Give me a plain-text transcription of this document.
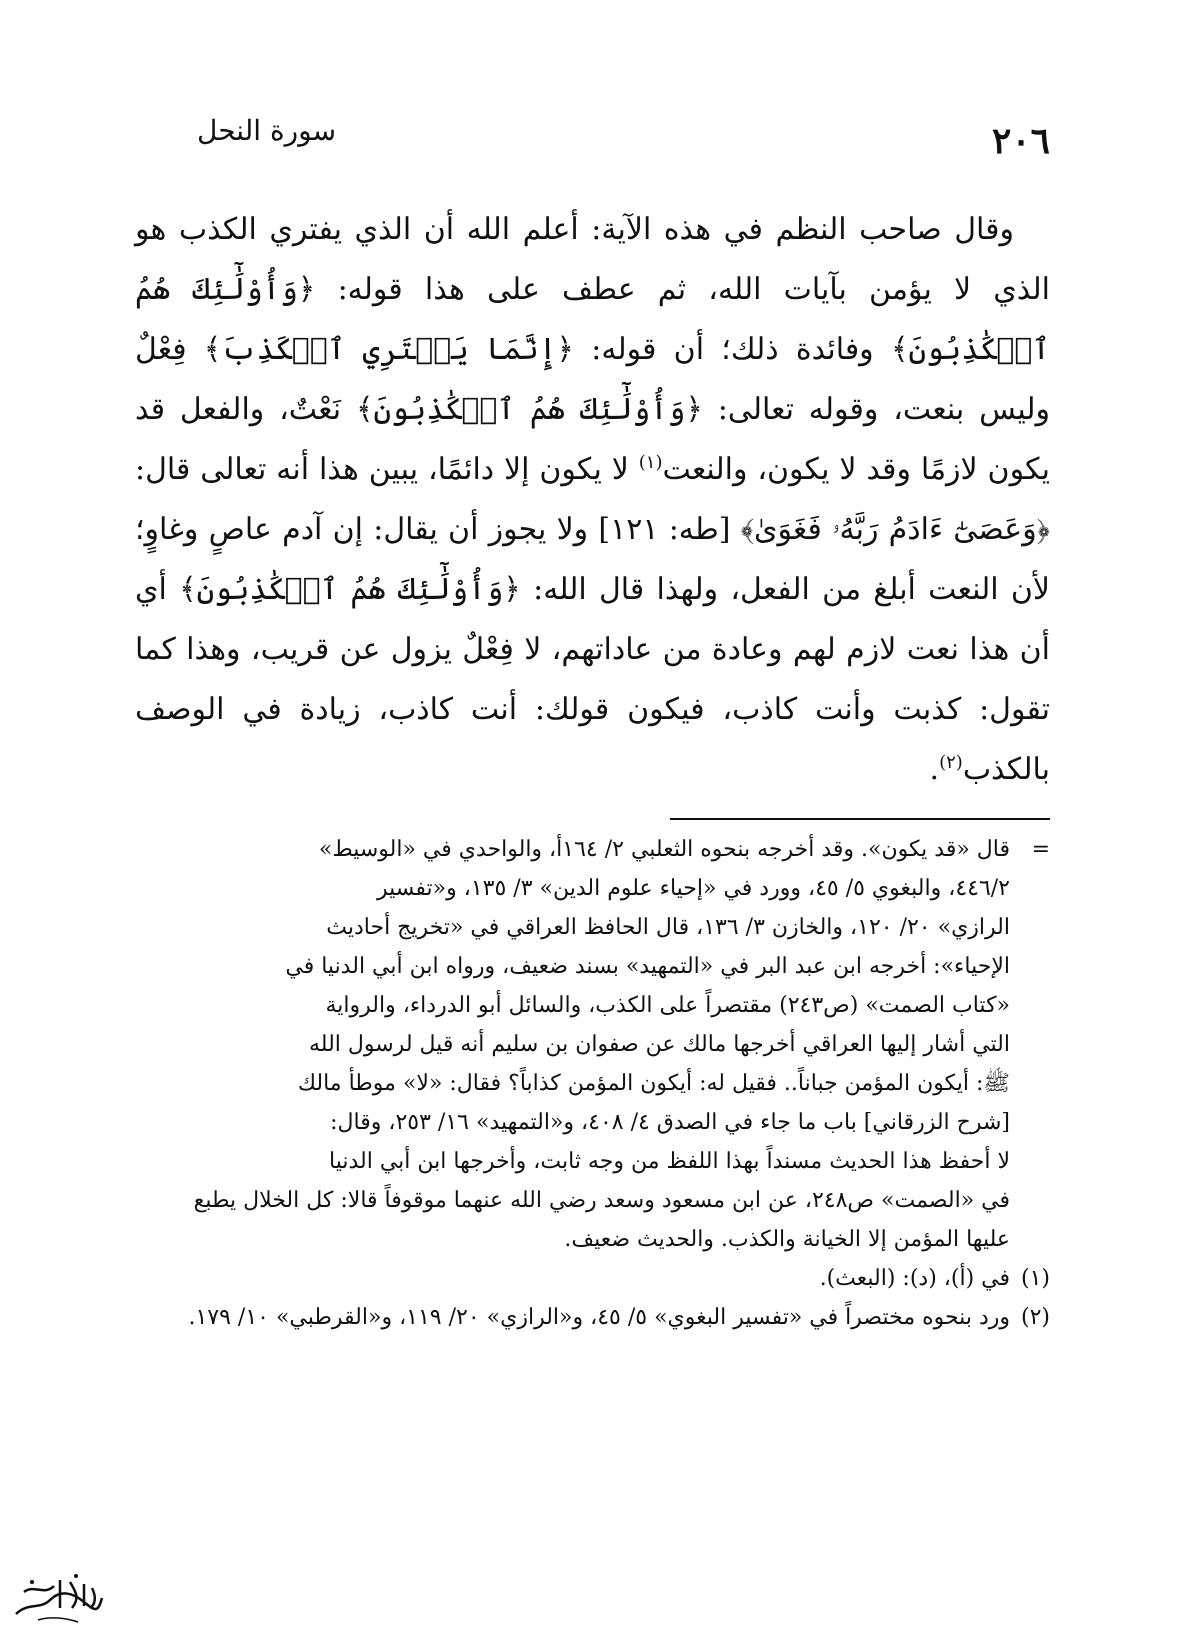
٢٠٦
سورة النحل

وقال صاحب النظم في هذه الآية: أعلم الله أن الذي يفتري الكذب هو الذي لا يؤمن بآيات الله، ثم عطف على هذا قوله: ﴿وَأُوْلَٰٓئِكَ هُمُ ٱلۡكَٰذِبُونَ﴾ وفائدة ذلك؛ أن قوله: ﴿إِنَّمَا يَفۡتَرِي ٱلۡكَذِبَ﴾ فِعْلٌ وليس بنعت، وقوله تعالى: ﴿وَأُوْلَٰٓئِكَ هُمُ ٱلۡكَٰذِبُونَ﴾ نَعْتٌ، والفعل قد يكون لازمًا وقد لا يكون، والنعت$^{(١)}$ لا يكون إلا دائمًا، يبين هذا أنه تعالى قال: ﴿وَعَصَىٰٓ ءَادَمُ رَبَّهُۥ فَغَوَىٰ﴾ [طه: ١٢١] ولا يجوز أن يقال: إن آدم عاصٍ وغاوٍ؛ لأن النعت أبلغ من الفعل، ولهذا قال الله: ﴿وَأُوْلَٰٓئِكَ هُمُ ٱلۡكَٰذِبُونَ﴾ أي أن هذا نعت لازم لهم وعادة من عاداتهم، لا فِعْلٌ يزول عن قريب، وهذا كما تقول: كذبت وأنت كاذب، فيكون قولك: أنت كاذب، زيادة في الوصف بالكذب$^{(٢)}$.

=

قال «قد يكون». وقد أخرجه بنحوه الثعلبي ٢/ ١٦٤أ، والواحدي في «الوسيط»

٤٤٦/٢، والبغوي ٥/ ٤٥، وورد في «إحياء علوم الدين» ٣/ ١٣٥، و«تفسير

الرازي» ٢٠/ ١٢٠، والخازن ٣/ ١٣٦، قال الحافظ العراقي في «تخريج أحاديث

الإحياء»: أخرجه ابن عبد البر في «التمهيد» بسند ضعيف، ورواه ابن أبي الدنيا في

«كتاب الصمت» (ص٢٤٣) مقتصراً على الكذب، والسائل أبو الدرداء، والرواية

التي أشار إليها العراقي أخرجها مالك عن صفوان بن سليم أنه قيل لرسول الله

ﷺ: أيكون المؤمن جباناً.. فقيل له: أيكون المؤمن كذاباً؟ فقال: «لا» موطأ مالك

[شرح الزرقاني] باب ما جاء في الصدق ٤/ ٤٠٨، و«التمهيد» ١٦/ ٢٥٣، وقال:

لا أحفظ هذا الحديث مسنداً بهذا اللفظ من وجه ثابت، وأخرجها ابن أبي الدنيا

في «الصمت» ص٢٤٨، عن ابن مسعود وسعد رضي الله عنهما موقوفاً قالا: كل الخلال يطبع

عليها المؤمن إلا الخيانة والكذب. والحديث ضعيف.

(١)
في (أ)، (د): (البعث).
(٢)
ورد بنحوه مختصراً في «تفسير البغوي» ٥/ ٤٥، و«الرازي» ٢٠/ ١١٩، و«القرطبي» ١٠/ ١٧٩.
